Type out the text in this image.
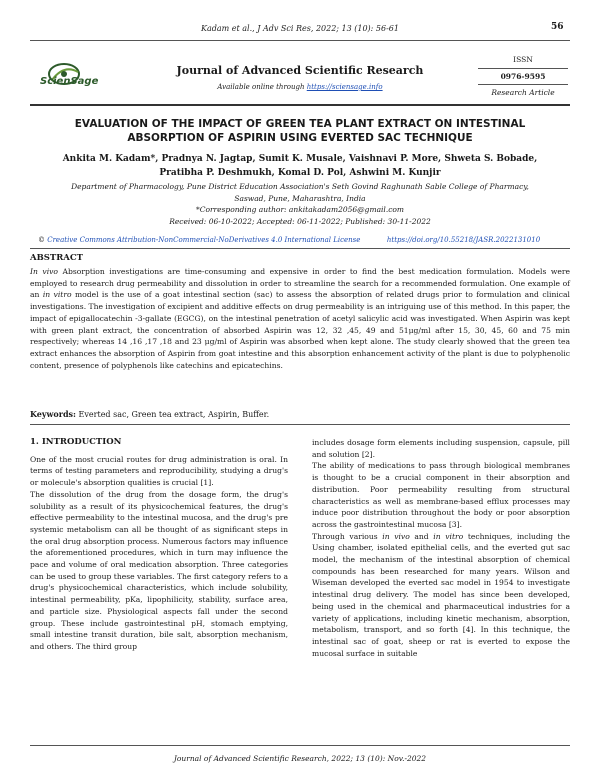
Kadam et al., J Adv Sci Res, 2022; 13 (10): 56-61	56
ScienSage
Journal of Advanced Scientific Research
Available online through https://sciensage.info
ISSN
0976-9595
Research Article
EVALUATION OF THE IMPACT OF GREEN TEA PLANT EXTRACT ON INTESTINAL
ABSORPTION OF ASPIRIN USING EVERTED SAC TECHNIQUE
Ankita M. Kadam*, Pradnya N. Jagtap, Sumit K. Musale, Vaishnavi P. More, Shweta S. Bobade,
Pratibha P. Deshmukh, Komal D. Pol, Ashwini M. Kunjir
Department of Pharmacology, Pune District Education Association's Seth Govind Raghunath Sable College of Pharmacy,
Saswad, Pune, Maharashtra, India
*Corresponding author: ankitakadam2056@gmail.com
Received: 06-10-2022; Accepted: 06-11-2022; Published: 30-11-2022
© Creative Commons Attribution-NonCommercial-NoDerivatives 4.0 International License	https://doi.org/10.55218/JASR.2022131010
ABSTRACT
In vivo Absorption investigations are time-consuming and expensive in order to find the best medication formulation. Models were employed to research drug permeability and dissolution in order to streamline the search for a recommended formulation. One example of an in vitro model is the use of a goat intestinal section (sac) to assess the absorption of related drugs prior to formulation and clinical investigations. The investigation of excipient and additive effects on drug permeability is an intriguing use of this method. In this paper, the impact of epigallocatechin -3-gallate (EGCG), on the intestinal penetration of acetyl salicylic acid was investigated. When Aspirin was kept with green plant extract, the concentration of absorbed Aspirin was 12, 32 ,45, 49 and 51μg/ml after 15, 30, 45, 60 and 75 min respectively; whereas 14 ,16 ,17 ,18 and 23 μg/ml of Aspirin was absorbed when kept alone. The study clearly showed that the green tea extract enhances the absorption of Aspirin from goat intestine and this absorption enhancement activity of the plant is due to polyphenolic content, presence of polyphenols like catechins and epicatechins.
Keywords: Everted sac, Green tea extract, Aspirin, Buffer.
1. INTRODUCTION

One of the most crucial routes for drug administration is oral. In terms of testing parameters and reproducibility, studying a drug's or molecule's absorption qualities is crucial [1].

The dissolution of the drug from the dosage form, the drug's solubility as a result of its physicochemical features, the drug's effective permeability to the intestinal mucosa, and the drug's pre systemic metabolism can all be thought of as significant steps in the oral drug absorption process. Numerous factors may influence the aforementioned procedures, which in turn may influence the pace and volume of oral medication absorption. Three categories can be used to group these variables. The first category refers to a drug's physicochemical characteristics, which include solubility, intestinal permeability, pKa, lipophilicity, stability, surface area, and particle size. Physiological aspects fall under the second group. These include gastrointestinal pH, stomach emptying, small intestine transit duration, bile salt, absorption mechanism, and others. The third group

includes dosage form elements including suspension, capsule, pill and solution [2].

The ability of medications to pass through biological membranes is thought to be a crucial component in their absorption and distribution. Poor permeability resulting from structural characteristics as well as membrane-based efflux processes may induce poor distribution throughout the body or poor absorption across the gastrointestinal mucosa [3].

Through various in vivo and in vitro techniques, including the Using chamber, isolated epithelial cells, and the everted gut sac model, the mechanism of the intestinal absorption of chemical compounds has been researched for many years. Wilson and Wiseman developed the everted sac model in 1954 to investigate intestinal drug delivery. The model has since been developed, being used in the chemical and pharmaceutical industries for a variety of applications, including kinetic mechanism, absorption, metabolism, transport, and so forth [4]. In this technique, the intestinal sac of goat, sheep or rat is everted to expose the mucosal surface in suitable

Journal of Advanced Scientific Research, 2022; 13 (10): Nov.-2022
